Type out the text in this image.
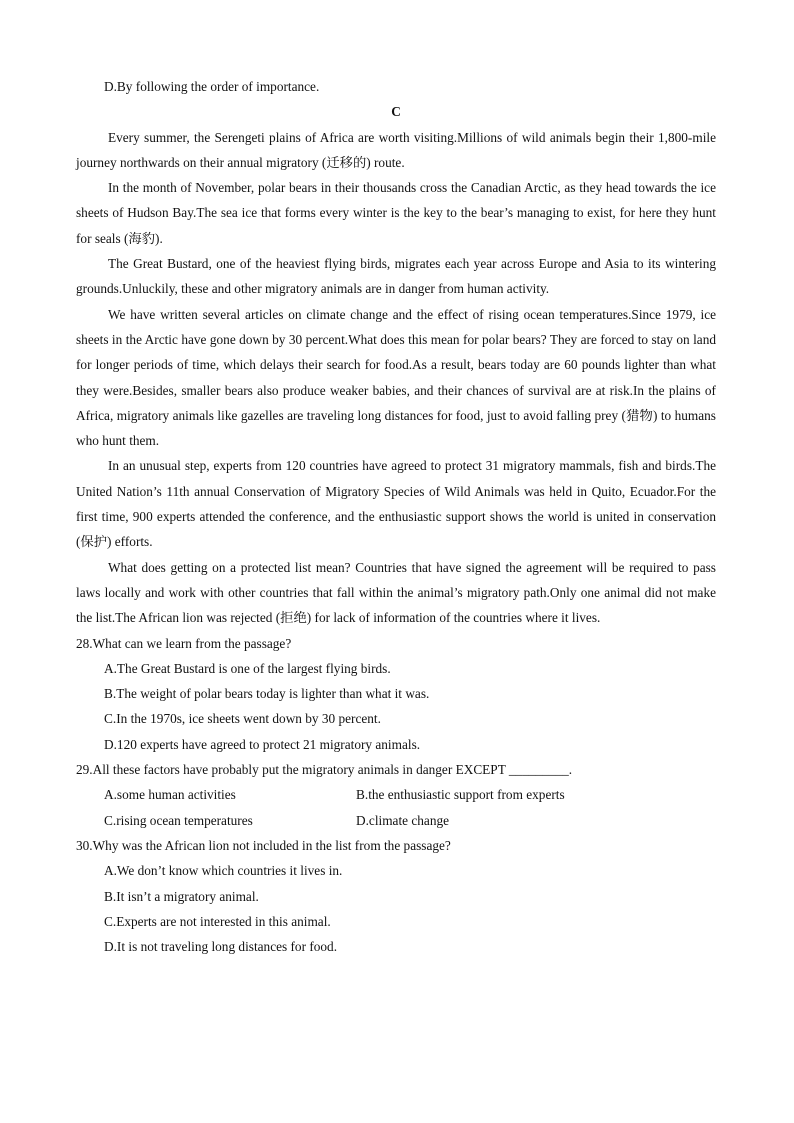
D.By following the order of importance.

C

Every summer, the Serengeti plains of Africa are worth visiting.Millions of wild animals begin their 1,800-mile journey northwards on their annual migratory (迁移的) route.

In the month of November, polar bears in their thousands cross the Canadian Arctic, as they head towards the ice sheets of Hudson Bay.The sea ice that forms every winter is the key to the bear’s managing to exist, for here they hunt for seals (海豹).

The Great Bustard, one of the heaviest flying birds, migrates each year across Europe and Asia to its wintering grounds.Unluckily, these and other migratory animals are in danger from human activity.

We have written several articles on climate change and the effect of rising ocean temperatures.Since 1979, ice sheets in the Arctic have gone down by 30 percent.What does this mean for polar bears? They are forced to stay on land for longer periods of time, which delays their search for food.As a result, bears today are 60 pounds lighter than what they were.Besides, smaller bears also produce weaker babies, and their chances of survival are at risk.In the plains of Africa, migratory animals like gazelles are traveling long distances for food, just to avoid falling prey (猎物) to humans who hunt them.

In an unusual step, experts from 120 countries have agreed to protect 31 migratory mammals, fish and birds.The United Nation’s 11th annual Conservation of Migratory Species of Wild Animals was held in Quito, Ecuador.For the first time, 900 experts attended the conference, and the enthusiastic support shows the world is united in conservation (保护) efforts.

What does getting on a protected list mean? Countries that have signed the agreement will be required to pass laws locally and work with other countries that fall within the animal’s migratory path.Only one animal did not make the list.The African lion was rejected (拒绝) for lack of information of the countries where it lives.

28.What can we learn from the passage?

A.The Great Bustard is one of the largest flying birds.

B.The weight of polar bears today is lighter than what it was.

C.In the 1970s, ice sheets went down by 30 percent.

D.120 experts have agreed to protect 21 migratory animals.

29.All these factors have probably put the migratory animals in danger EXCEPT _________.

A.some human activities	B.the enthusiastic support from experts
C.rising ocean temperatures	D.climate change

30.Why was the African lion not included in the list from the passage?

A.We don’t know which countries it lives in.

B.It isn’t a migratory animal.

C.Experts are not interested in this animal.

D.It is not traveling long distances for food.
